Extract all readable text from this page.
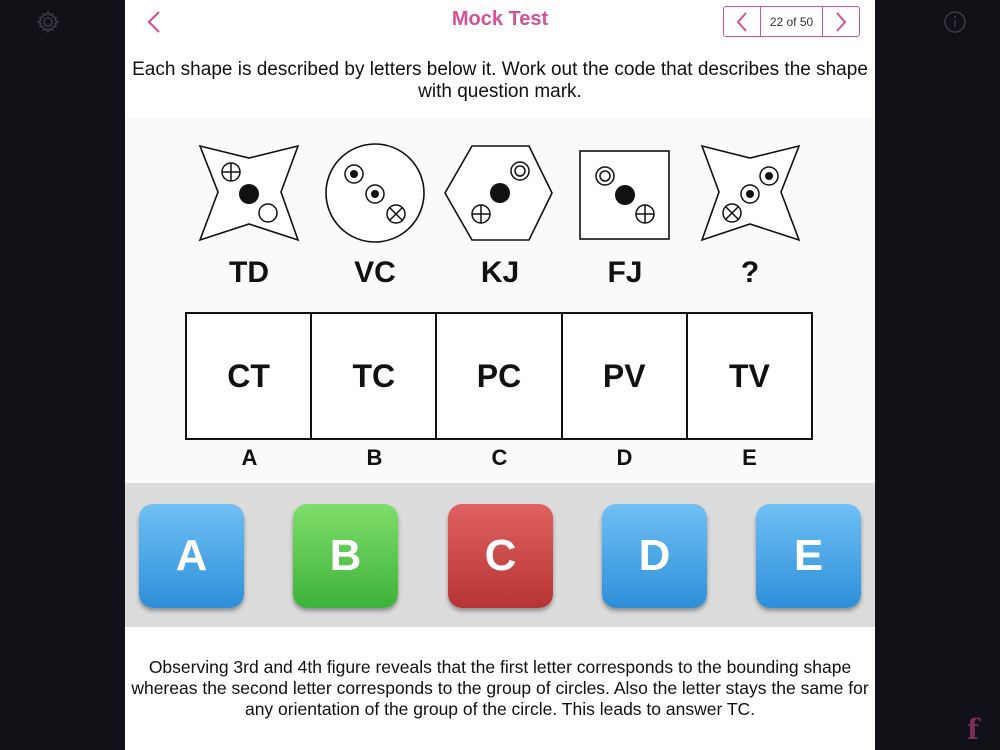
f
Mock Test	22 of 50
Each shape is described by letters below it. Work out the code that describes the shape with question mark.
TD	VC	KJ	FJ	?
CT	TC	PC	PV	TV
A	B	C	D	E
A	B	C	D	E
Observing 3rd and 4th figure reveals that the first letter corresponds to the bounding shape whereas the second letter corresponds to the group of circles. Also the letter stays the same for any orientation of the group of the circle. This leads to answer TC.
